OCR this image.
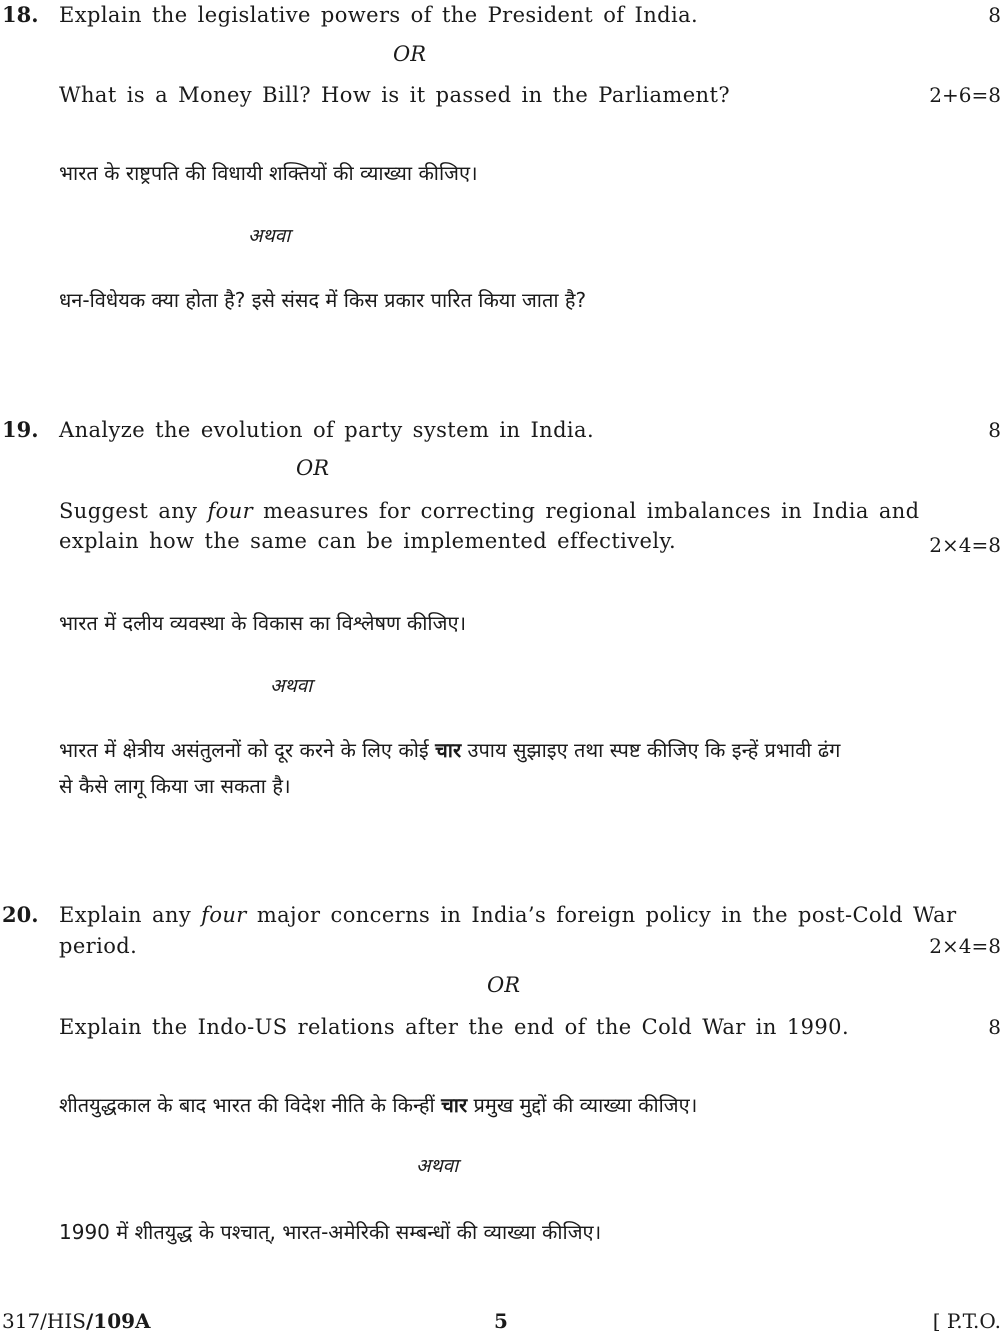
18. Explain the legislative powers of the President of India.	8
OR
What is a Money Bill? How is it passed in the Parliament?	2+6=8
भारत के राष्ट्रपति की विधायी शक्तियों की व्याख्या कीजिए।
अथवा
धन-विधेयक क्या होता है? इसे संसद में किस प्रकार पारित किया जाता है?
19. Analyze the evolution of party system in India.	8
OR
Suggest any four measures for correcting regional imbalances in India and
explain how the same can be implemented effectively.	2×4=8
भारत में दलीय व्यवस्था के विकास का विश्लेषण कीजिए।
अथवा
भारत में क्षेत्रीय असंतुलनों को दूर करने के लिए कोई चार उपाय सुझाइए तथा स्पष्ट कीजिए कि इन्हें प्रभावी ढंग
से कैसे लागू किया जा सकता है।
20. Explain any four major concerns in India’s foreign policy in the post-Cold War
period.	2×4=8
OR
Explain the Indo-US relations after the end of the Cold War in 1990.	8
शीतयुद्धकाल के बाद भारत की विदेश नीति के किन्हीं चार प्रमुख मुद्दों की व्याख्या कीजिए।
अथवा
1990 में शीतयुद्ध के पश्चात्, भारत-अमेरिकी सम्बन्धों की व्याख्या कीजिए।
317/HIS/109A	5	[ P.T.O.
